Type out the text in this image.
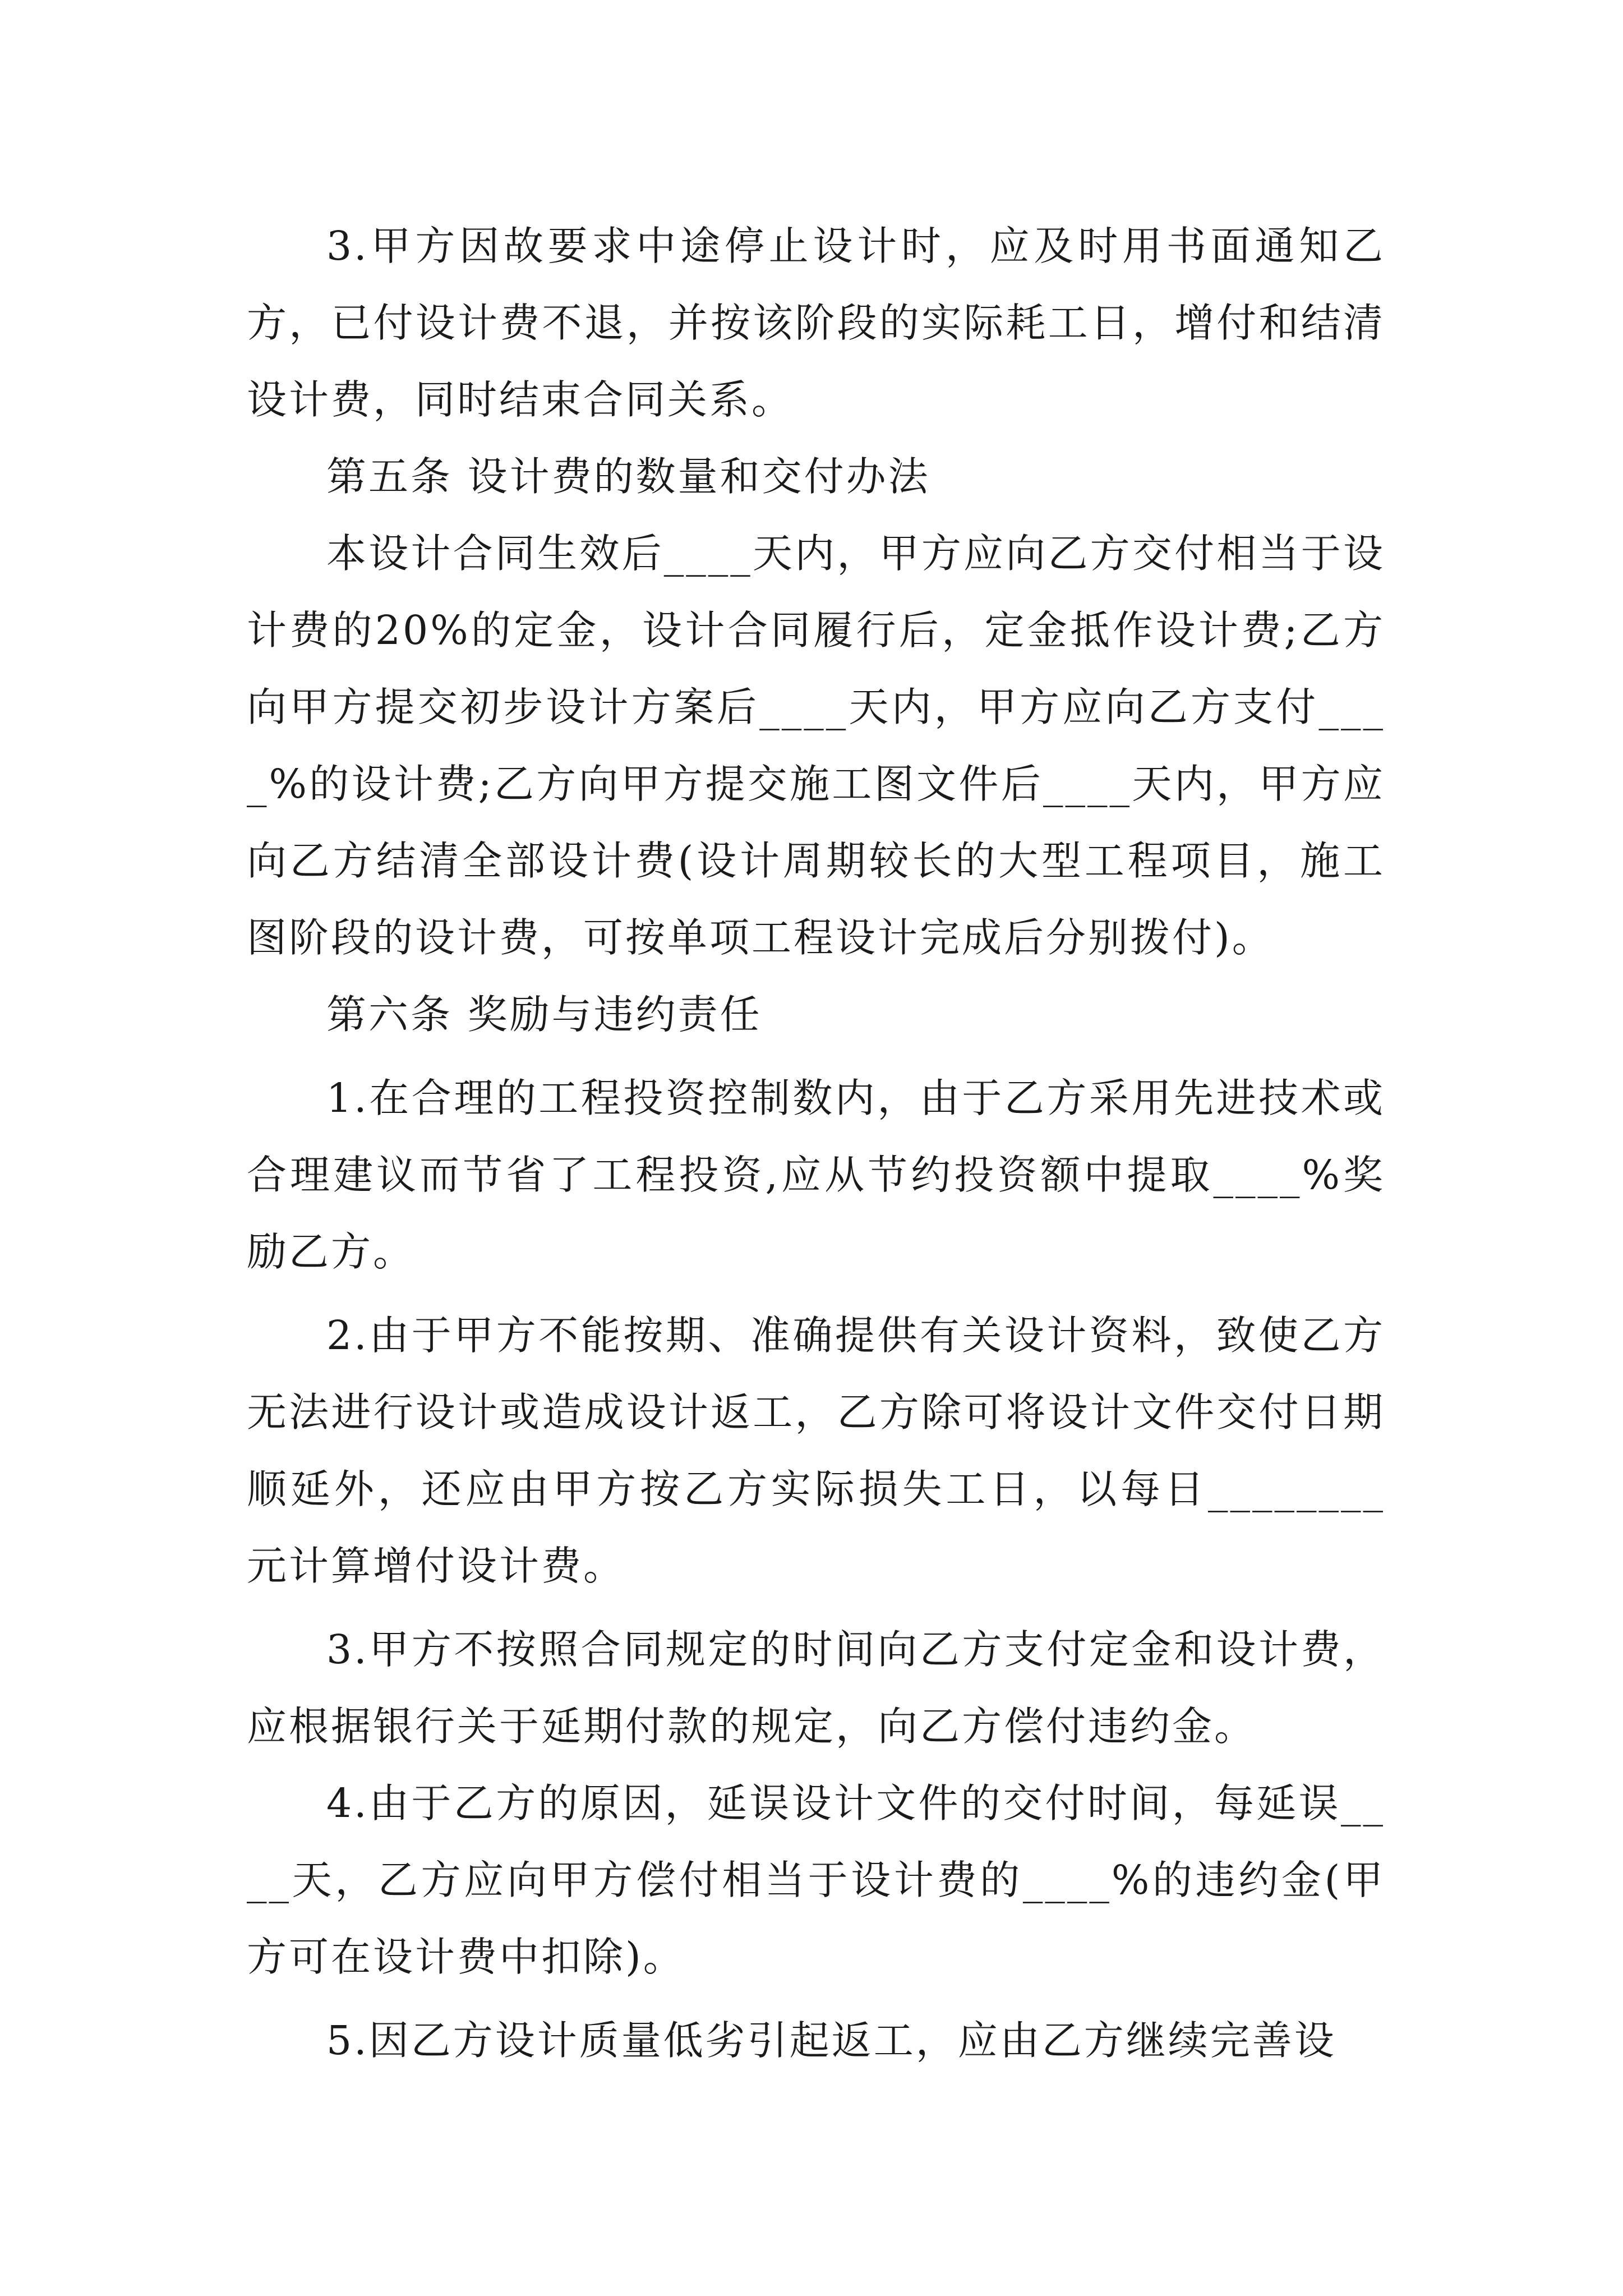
3.甲方因故要求中途停止设计时，应及时用书面通知乙方，已付设计费不退，并按该阶段的实际耗工日，增付和结清设计费，同时结束合同关系。

第五条 设计费的数量和交付办法

本设计合同生效后____天内，甲方应向乙方交付相当于设计费的20%的定金，设计合同履行后，定金抵作设计费;乙方向甲方提交初步设计方案后____天内，甲方应向乙方支付____%的设计费;乙方向甲方提交施工图文件后____天内，甲方应向乙方结清全部设计费(设计周期较长的大型工程项目，施工图阶段的设计费，可按单项工程设计完成后分别拨付)。

第六条 奖励与违约责任

1.在合理的工程投资控制数内，由于乙方采用先进技术或合理建议而节省了工程投资,应从节约投资额中提取____%奖励乙方。

2.由于甲方不能按期、准确提供有关设计资料，致使乙方无法进行设计或造成设计返工，乙方除可将设计文件交付日期顺延外，还应由甲方按乙方实际损失工日，以每日________元计算增付设计费。

3.甲方不按照合同规定的时间向乙方支付定金和设计费，应根据银行关于延期付款的规定，向乙方偿付违约金。

4.由于乙方的原因，延误设计文件的交付时间，每延误____天，乙方应向甲方偿付相当于设计费的____%的违约金(甲方可在设计费中扣除)。

5.因乙方设计质量低劣引起返工，应由乙方继续完善设
